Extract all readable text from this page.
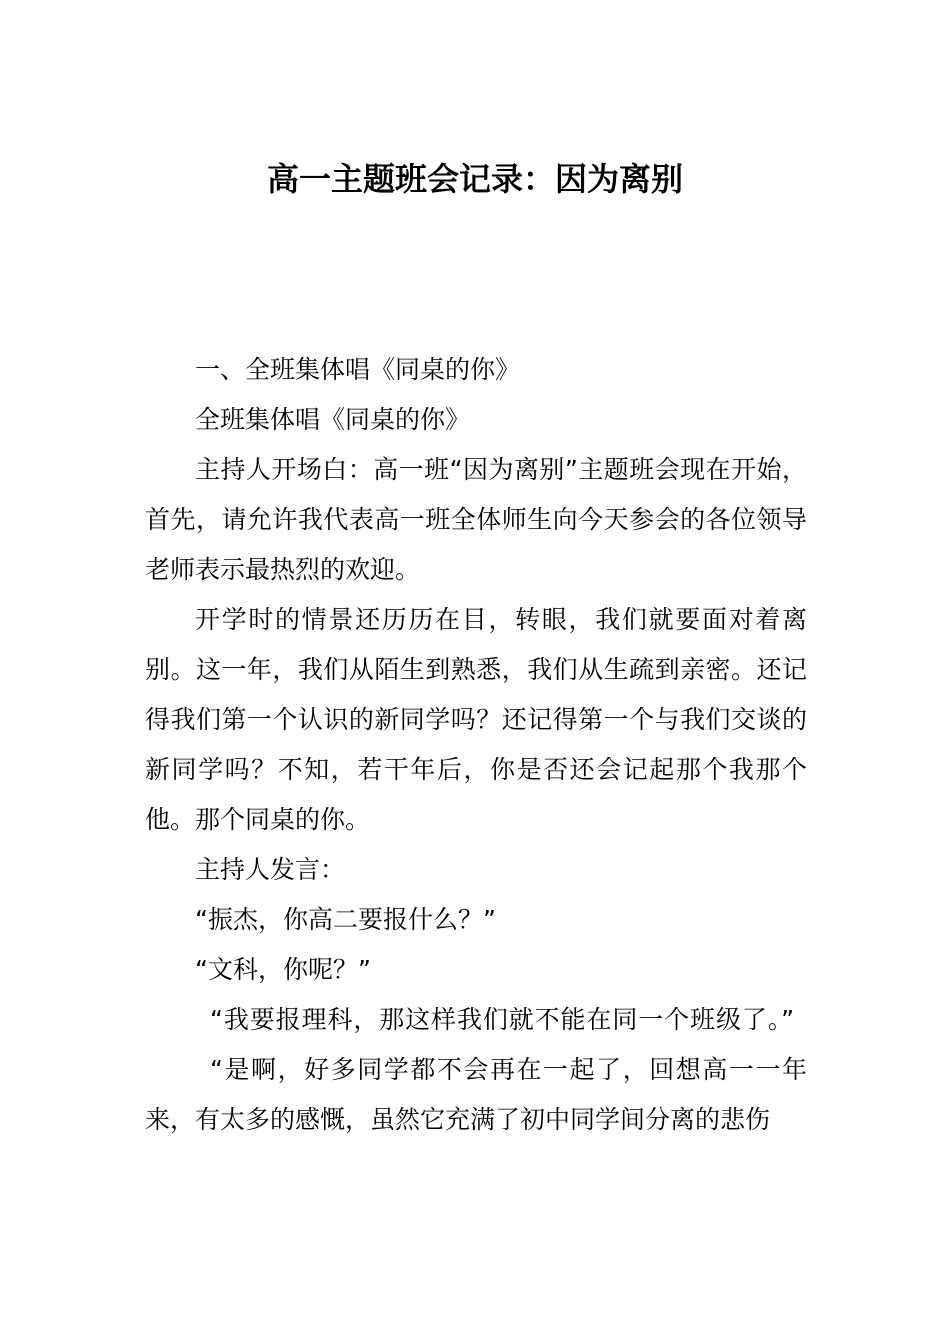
高一主题班会记录：因为离别

一、全班集体唱《同桌的你》

全班集体唱《同桌的你》

主持人开场白：高一班“因为离别”主题班会现在开始，首先，请允许我代表高一班全体师生向今天参会的各位领导老师表示最热烈的欢迎。

开学时的情景还历历在目，转眼，我们就要面对着离别。这一年，我们从陌生到熟悉，我们从生疏到亲密。还记得我们第一个认识的新同学吗？还记得第一个与我们交谈的新同学吗？不知，若干年后，你是否还会记起那个我那个他。那个同桌的你。

主持人发言：

“振杰，你高二要报什么？”

“文科，你呢？”

“我要报理科，那这样我们就不能在同一个班级了。”

“是啊，好多同学都不会再在一起了，回想高一一年来，有太多的感慨，虽然它充满了初中同学间分离的悲伤
